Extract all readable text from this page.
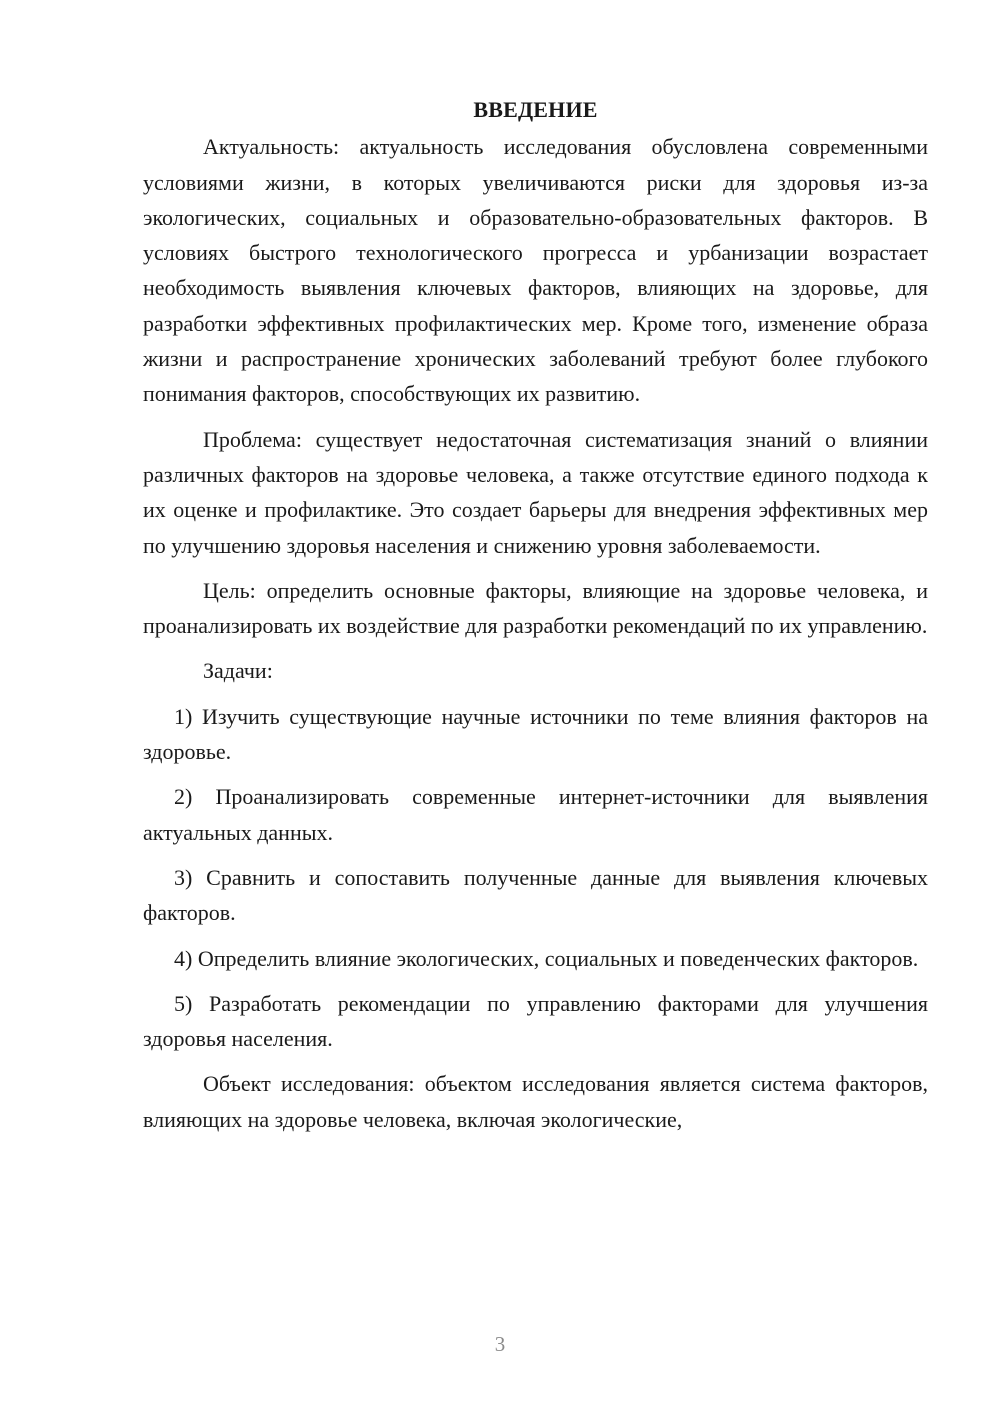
ВВЕДЕНИЕ

Актуальность: актуальность исследования обусловлена современными условиями жизни, в которых увеличиваются риски для здоровья из-за экологических, социальных и образовательно-образовательных факторов. В условиях быстрого технологического прогресса и урбанизации возрастает необходимость выявления ключевых факторов, влияющих на здоровье, для разработки эффективных профилактических мер. Кроме того, изменение образа жизни и распространение хронических заболеваний требуют более глубокого понимания факторов, способствующих их развитию.

Проблема: существует недостаточная систематизация знаний о влиянии различных факторов на здоровье человека, а также отсутствие единого подхода к их оценке и профилактике. Это создает барьеры для внедрения эффективных мер по улучшению здоровья населения и снижению уровня заболеваемости.

Цель: определить основные факторы, влияющие на здоровье человека, и проанализировать их воздействие для разработки рекомендаций по их управлению.

Задачи:

1) Изучить существующие научные источники по теме влияния факторов на здоровье.

2) Проанализировать современные интернет-источники для выявления актуальных данных.

3) Сравнить и сопоставить полученные данные для выявления ключевых факторов.

4) Определить влияние экологических, социальных и поведенческих факторов.

5) Разработать рекомендации по управлению факторами для улучшения здоровья населения.

Объект исследования: объектом исследования является система факторов, влияющих на здоровье человека, включая экологические,

3
